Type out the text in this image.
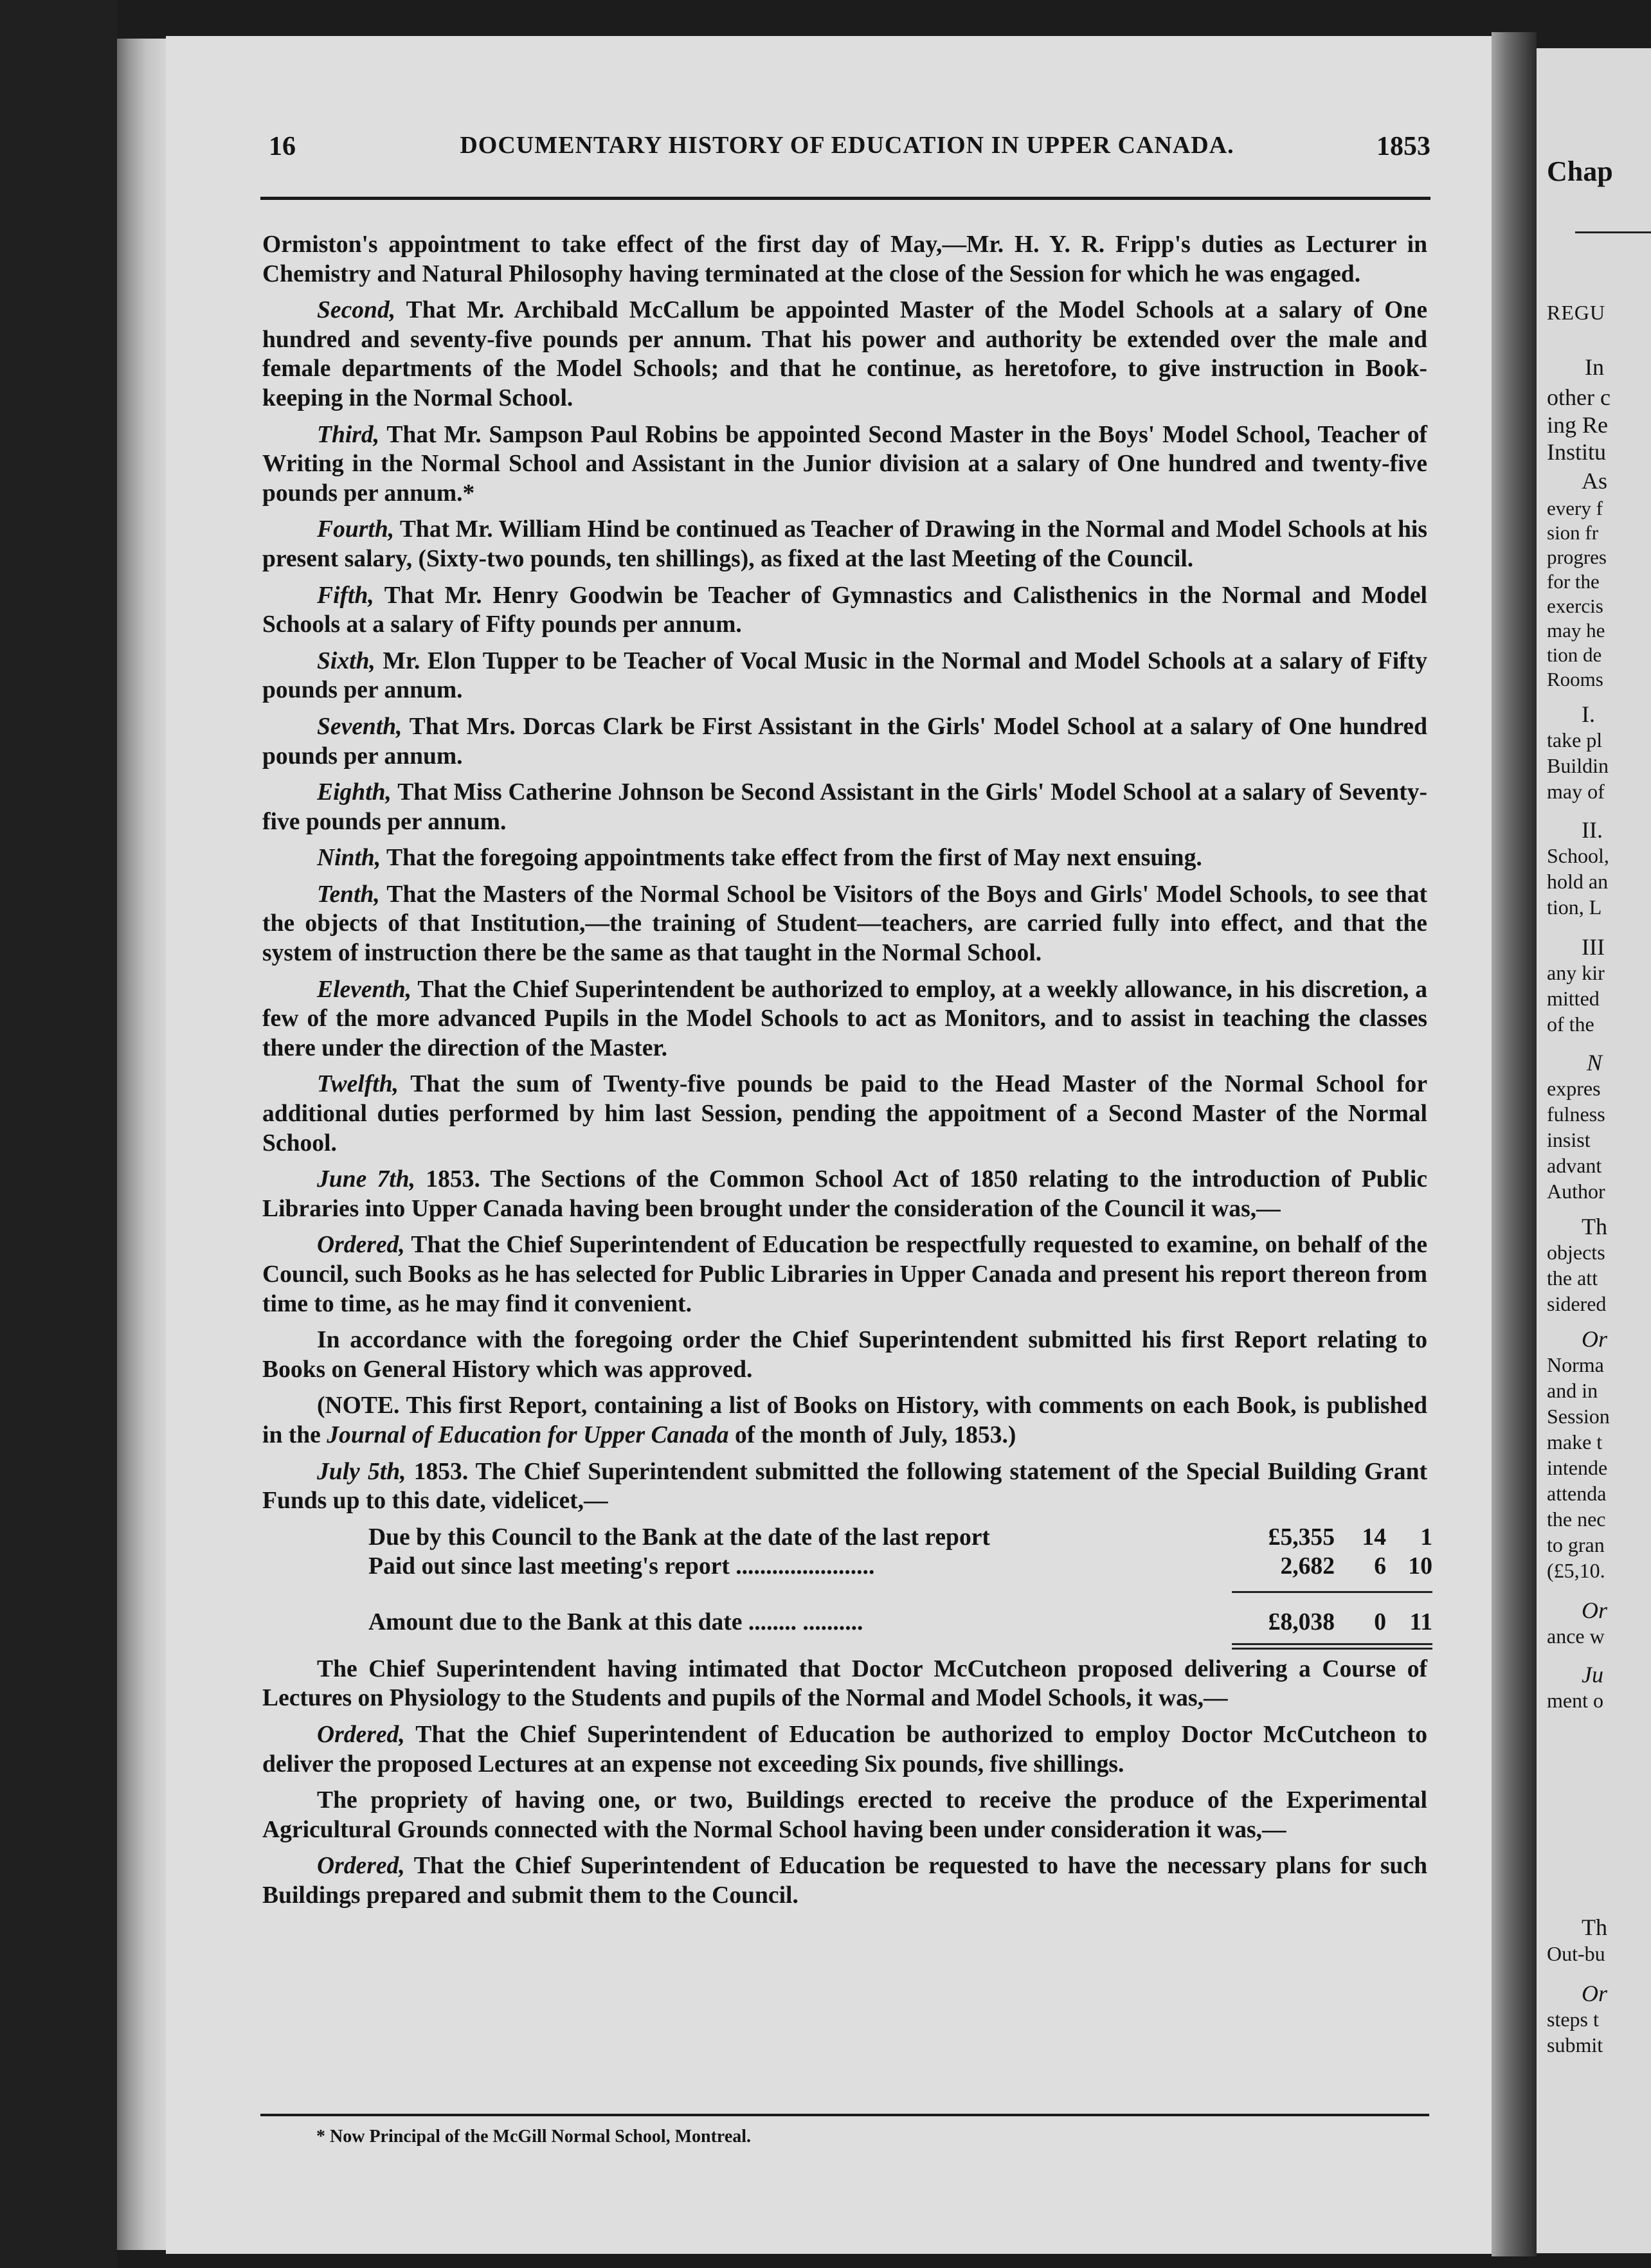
Chap
REGU
In
other c
ing Re
Institu
As
every f
sion fr
progres
for the
exercis
may he
tion de
Rooms
I.
take pl
Buildin
may of
II.
School,
hold an
tion, L
III
any kir
mitted
of the
N
expres
fulness
insist
advant
Author
Th
objects
the att
sidered
Or
Norma
and in
Session
make t
intende
attenda
the nec
to gran
(£5,10.
Or
ance w
Ju
ment o
Th
Out-bu
Or
steps t
submit
16	DOCUMENTARY HISTORY OF EDUCATION IN UPPER CANADA.	1853

Ormiston's appointment to take effect of the first day of May,—Mr. H. Y. R. Fripp's duties as Lecturer in Chemistry and Natural Philosophy having terminated at the close of the Session for which he was engaged.

Second, That Mr. Archibald McCallum be appointed Master of the Model Schools at a salary of One hundred and seventy-five pounds per annum. That his power and authority be extended over the male and female departments of the Model Schools; and that he continue, as heretofore, to give instruction in Book-keeping in the Normal School.

Third, That Mr. Sampson Paul Robins be appointed Second Master in the Boys' Model School, Teacher of Writing in the Normal School and Assistant in the Junior division at a salary of One hundred and twenty-five pounds per annum.*

Fourth, That Mr. William Hind be continued as Teacher of Drawing in the Normal and Model Schools at his present salary, (Sixty-two pounds, ten shillings), as fixed at the last Meeting of the Council.

Fifth, That Mr. Henry Goodwin be Teacher of Gymnastics and Calisthenics in the Normal and Model Schools at a salary of Fifty pounds per annum.

Sixth, Mr. Elon Tupper to be Teacher of Vocal Music in the Normal and Model Schools at a salary of Fifty pounds per annum.

Seventh, That Mrs. Dorcas Clark be First Assistant in the Girls' Model School at a salary of One hundred pounds per annum.

Eighth, That Miss Catherine Johnson be Second Assistant in the Girls' Model School at a salary of Seventy-five pounds per annum.

Ninth, That the foregoing appointments take effect from the first of May next ensuing.

Tenth, That the Masters of the Normal School be Visitors of the Boys and Girls' Model Schools, to see that the objects of that Institution,—the training of Student—teachers, are carried fully into effect, and that the system of instruction there be the same as that taught in the Normal School.

Eleventh, That the Chief Superintendent be authorized to employ, at a weekly allowance, in his discretion, a few of the more advanced Pupils in the Model Schools to act as Monitors, and to assist in teaching the classes there under the direction of the Master.

Twelfth, That the sum of Twenty-five pounds be paid to the Head Master of the Normal School for additional duties performed by him last Session, pending the appoitment of a Second Master of the Normal School.

June 7th, 1853. The Sections of the Common School Act of 1850 relating to the introduction of Public Libraries into Upper Canada having been brought under the consideration of the Council it was,—

Ordered, That the Chief Superintendent of Education be respectfully requested to examine, on behalf of the Council, such Books as he has selected for Public Libraries in Upper Canada and present his report thereon from time to time, as he may find it convenient.

In accordance with the foregoing order the Chief Superintendent submitted his first Report relating to Books on General History which was approved.

(NOTE. This first Report, containing a list of Books on History, with comments on each Book, is published in the Journal of Education for Upper Canada of the month of July, 1853.)

July 5th, 1853. The Chief Superintendent submitted the following statement of the Special Building Grant Funds up to this date, videlicet,—

Due by this Council to the Bank at the date of the last report	£5,355	14	1
Paid out since last meeting's report .......................	2,682	6 10
Amount due to the Bank at this date ........ ..........	£8,038	0 11

The Chief Superintendent having intimated that Doctor McCutcheon proposed delivering a Course of Lectures on Physiology to the Students and pupils of the Normal and Model Schools, it was,—

Ordered, That the Chief Superintendent of Education be authorized to employ Doctor McCutcheon to deliver the proposed Lectures at an expense not exceeding Six pounds, five shillings.

The propriety of having one, or two, Buildings erected to receive the produce of the Experimental Agricultural Grounds connected with the Normal School having been under consideration it was,—

Ordered, That the Chief Superintendent of Education be requested to have the necessary plans for such Buildings prepared and submit them to the Council.

* Now Principal of the McGill Normal School, Montreal.
